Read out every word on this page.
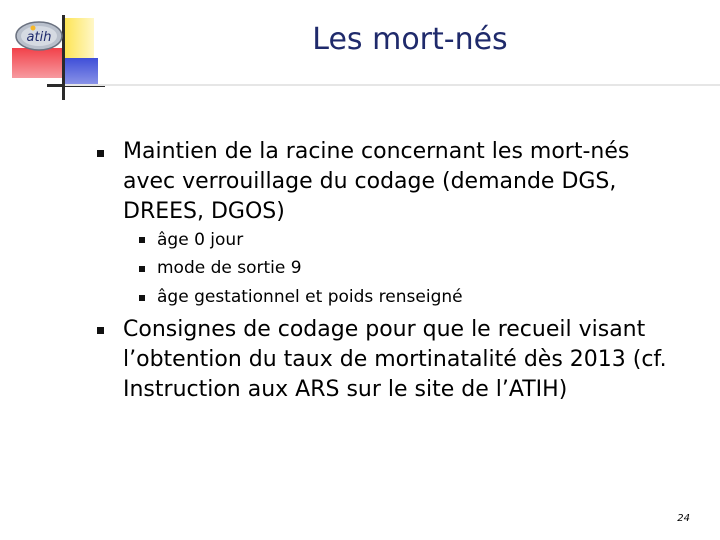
atih	Les mort-nés
Maintien de la racine concernant les mort-nés avec verrouillage du codage (demande DGS, DREES, DGOS)
âge 0 jour
mode de sortie 9
âge gestationnel et poids renseigné
Consignes de codage pour que le recueil visant l’obtention du taux de mortinatalité dès 2013 (cf. Instruction aux ARS sur le site de l’ATIH)
24
